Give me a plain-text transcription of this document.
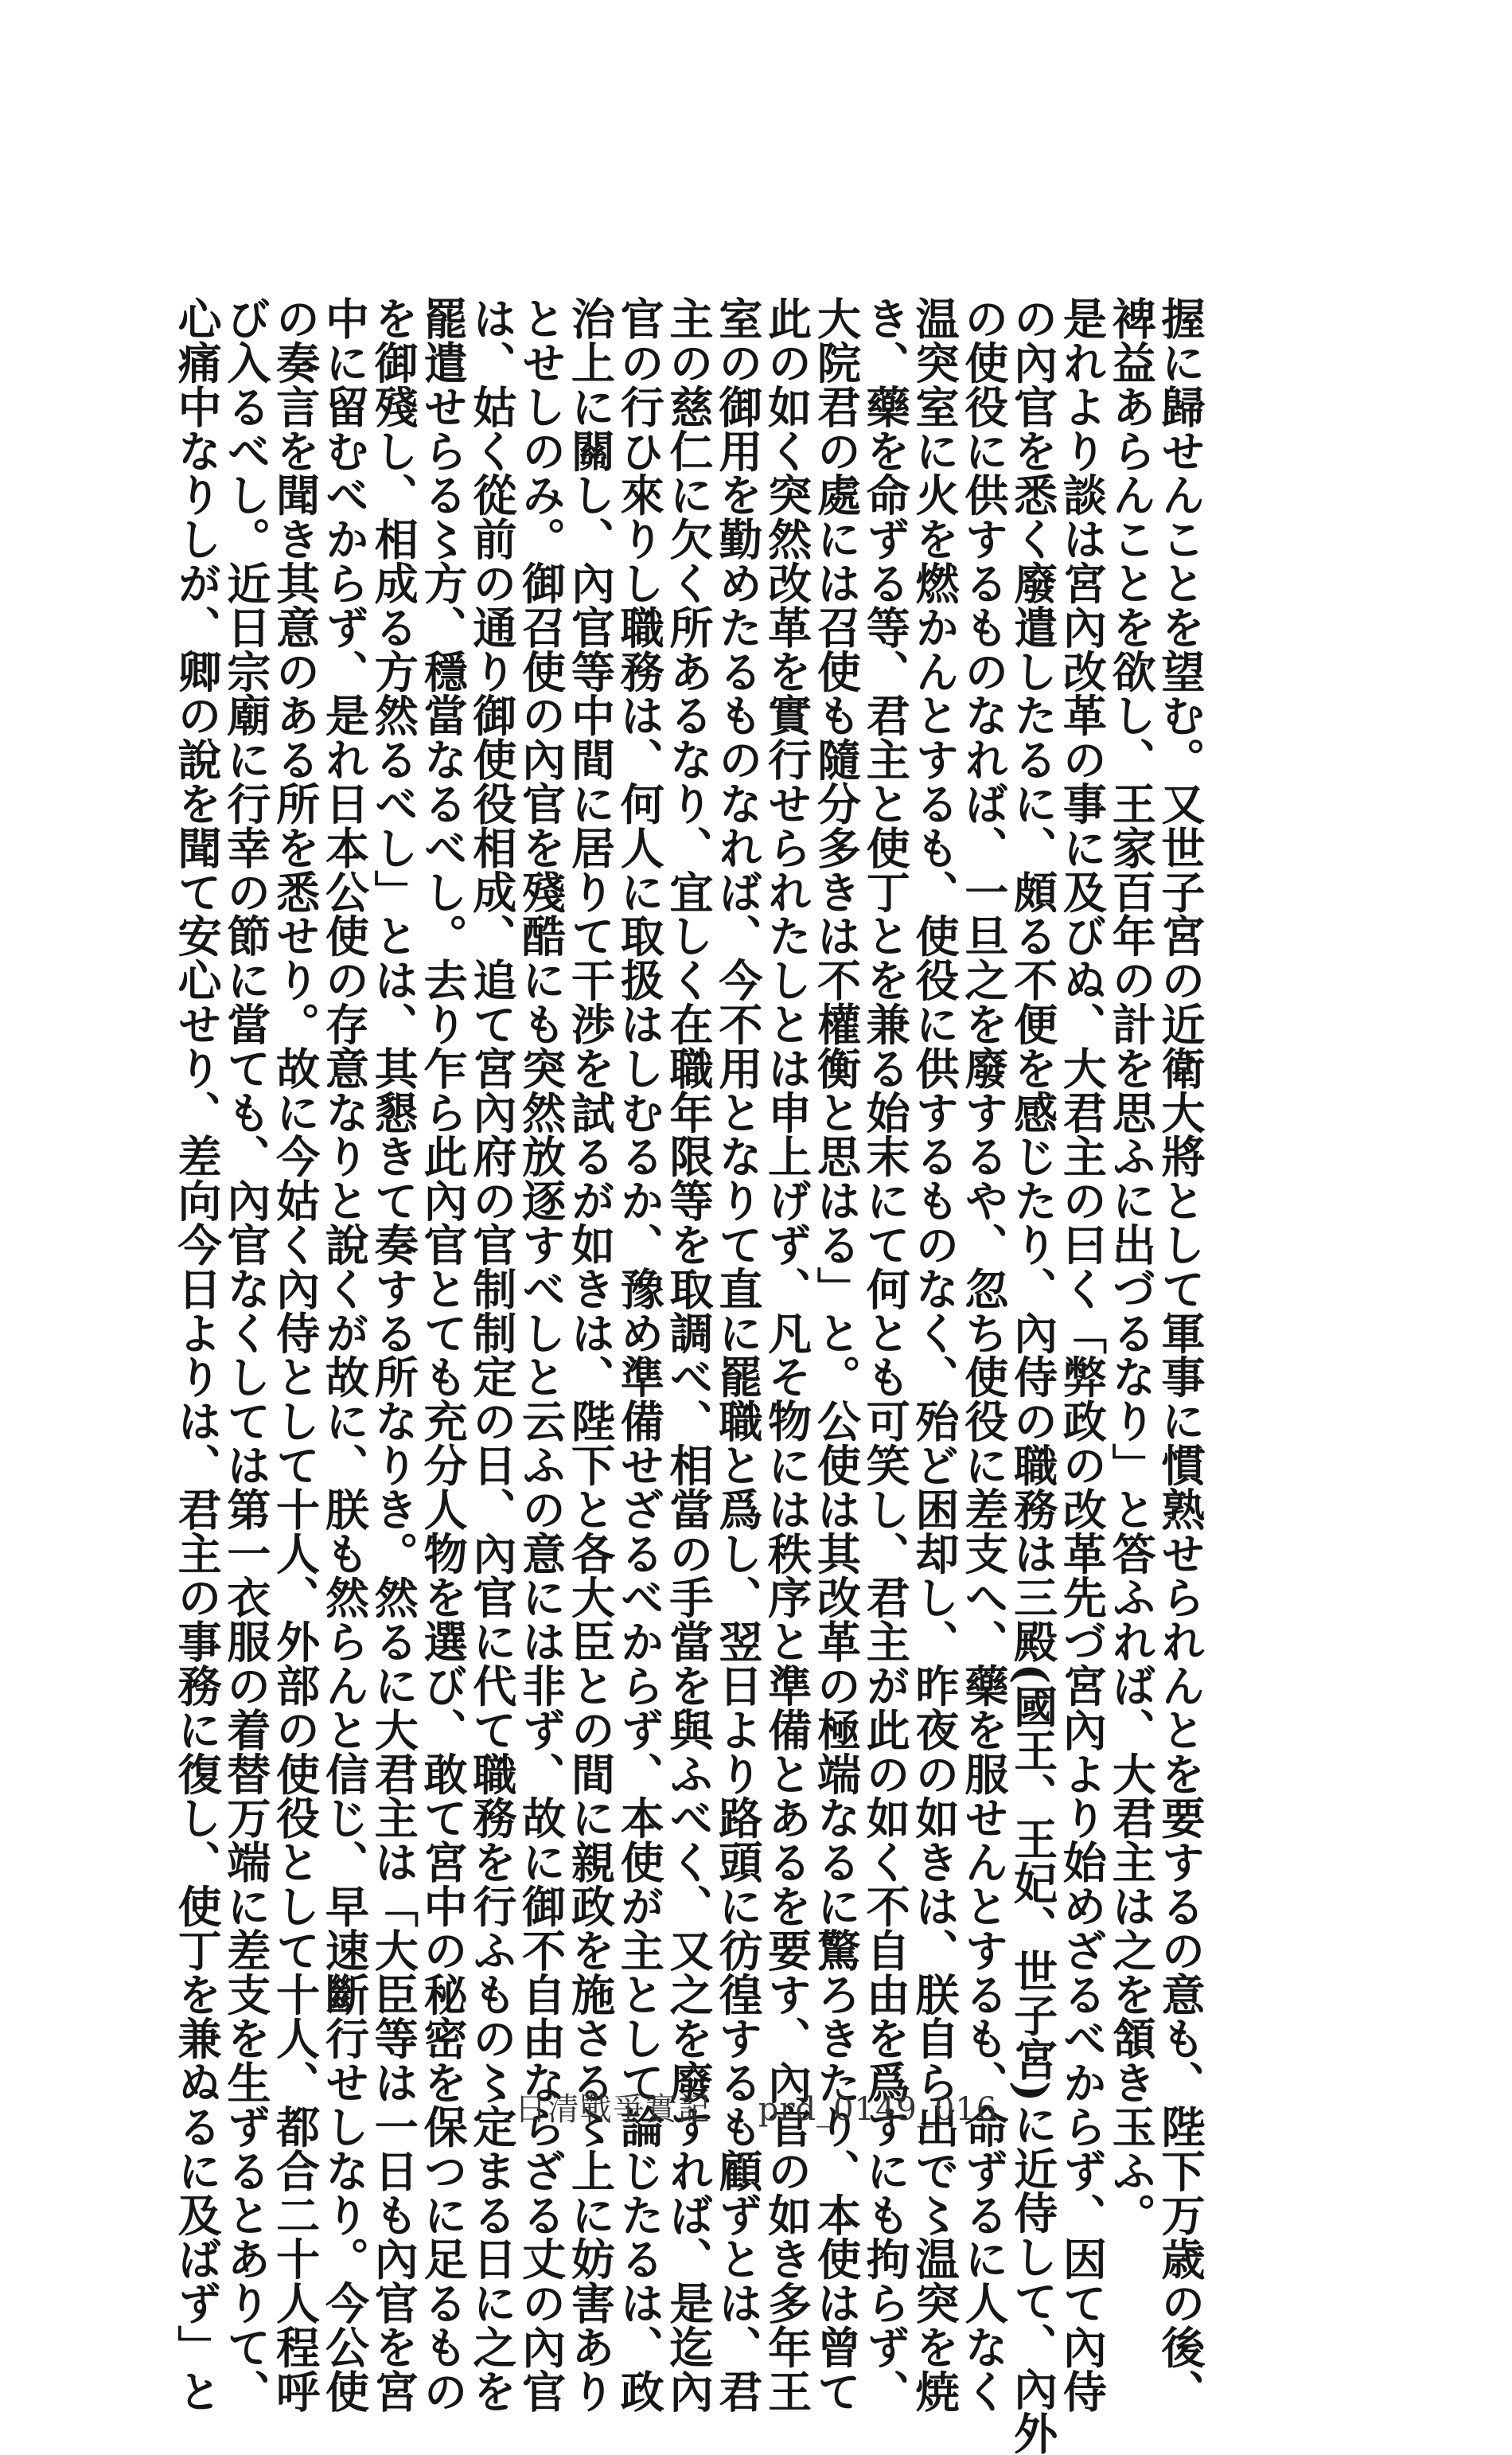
握に歸せんことを望む。又世子宮の近衛大將として軍事に慣熟せられんとを要するの意も、陛下万歳の後、

裨益あらんことを欲し、王家百年の計を思ふに出づるなり」と答ふれば、大君主は之を頷き玉ふ。

是れより談は宮內改革の事に及びぬ、大君主の曰く「弊政の改革先づ宮內より始めざるべからず、因て內侍

の內官を悉く廢遣したるに、頗る不便を感じたり、內侍の職務は三殿(國王、王妃、世子宮)に近侍して、內外

の使役に供するものなれば、一旦之を廢するや、忽ち使役に差支へ、藥を服せんとするも、命ずるに人なく

温突室に火を燃かんとするも、使役に供するものなく、殆ど困却し、昨夜の如きは、朕自ら出で〻温突を焼

き、藥を命ずる等、君主と使丁とを兼る始末にて何とも可笑し、君主が此の如く不自由を爲すにも拘らず、

大院君の處には召使も隨分多きは不權衡と思はる」と。公使は其改革の極端なるに驚ろきたり、本使は曾て

此の如く突然改革を實行せられたしとは申上げず、凡そ物には秩序と準備とあるを要す、內官の如き多年王

室の御用を勤めたるものなれば、今不用となりて直に罷職と爲し、翌日より路頭に彷徨するも顧ずとは、君

主の慈仁に欠く所あるなり、宜しく在職年限等を取調べ、相當の手當を與ふべく、又之を廢すれば、是迄內

官の行ひ來りし職務は、何人に取扱はしむるか、豫め準備せざるべからず、本使が主として論じたるは、政

治上に關し、內官等中間に居りて干渉を試るが如きは、陛下と各大臣との間に親政を施さる〻上に妨害あり

とせしのみ。御召使の內官を殘酷にも突然放逐すべしと云ふの意には非ず、故に御不自由ならざる丈の內官

は、姑く從前の通り御使役相成、追て宮內府の官制制定の日、內官に代て職務を行ふもの〻定まる日に之を

罷遣せらる〻方、穩當なるべし。去り乍ら此內官とても充分人物を選び、敢て宮中の秘密を保つに足るもの

を御殘し、相成る方然るべし」とは、其懇きて奏する所なりき。然るに大君主は「大臣等は一日も內官を宮

中に留むべからず、是れ日本公使の存意なりと說くが故に、朕も然らんと信じ、早速斷行せしなり。今公使

の奏言を聞き其意のある所を悉せり。故に今姑く內侍として十人、外部の使役として十人、都合二十人程呼

び入るべし。近日宗廟に行幸の節に當ても、內官なくしては第一衣服の着替万端に差支を生ずるとありて、

心痛中なりしが、卿の說を聞て安心せり、差向今日よりは、君主の事務に復し、使丁を兼ぬるに及ばず」と	日清戰爭實記 prd_0149_016
